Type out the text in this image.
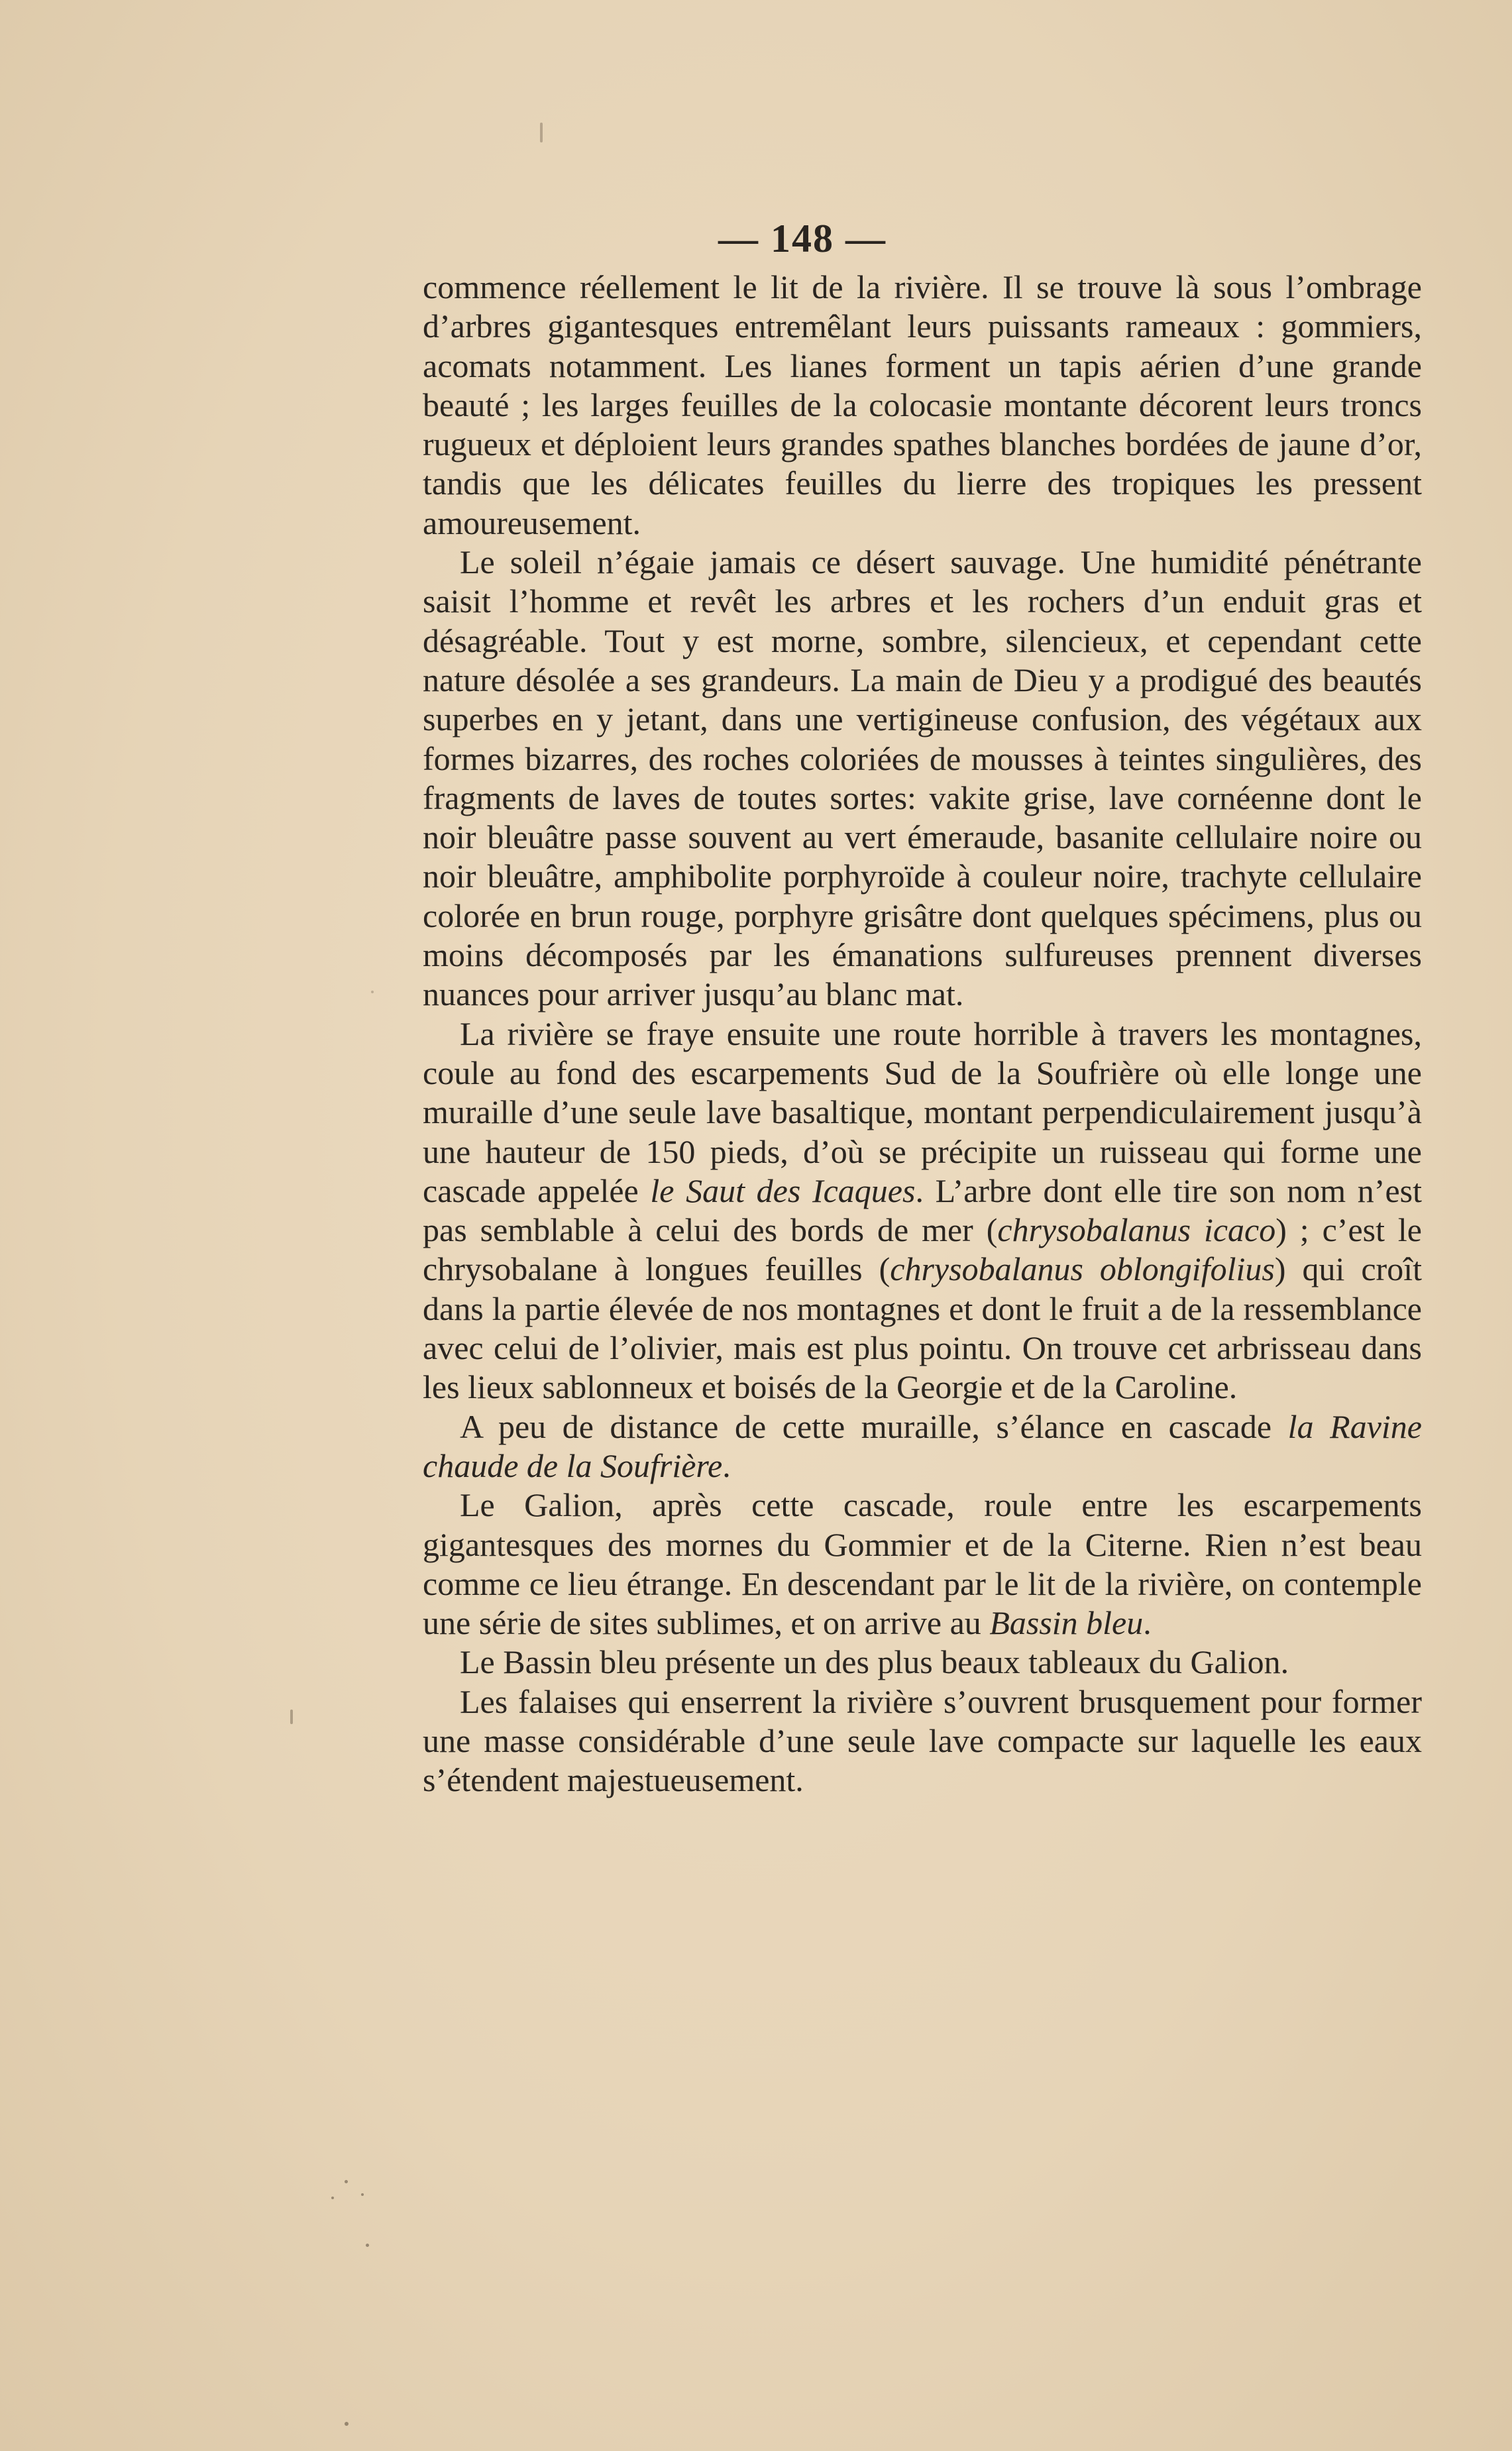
— 148 —

commence réellement le lit de la rivière. Il se trouve là sous l’ombrage d’arbres gigantesques entremêlant leurs puissants rameaux : gommiers, acomats notamment. Les lianes forment un tapis aérien d’une grande beauté ; les larges feuilles de la colocasie montante décorent leurs troncs rugueux et déploient leurs grandes spathes blanches bordées de jaune d’or, tandis que les délicates feuilles du lierre des tropiques les pressent amoureusement.

Le soleil n’égaie jamais ce désert sauvage. Une humidité pénétrante saisit l’homme et revêt les arbres et les rochers d’un enduit gras et désagréable. Tout y est morne, sombre, silencieux, et cependant cette nature désolée a ses grandeurs. La main de Dieu y a prodigué des beautés superbes en y jetant, dans une vertigineuse confusion, des végétaux aux formes bizarres, des roches coloriées de mousses à teintes singulières, des fragments de laves de toutes sortes: vakite grise, lave cornéenne dont le noir bleuâtre passe souvent au vert émeraude, basanite cellulaire noire ou noir bleuâtre, amphibolite porphyroïde à couleur noire, trachyte cellulaire colorée en brun rouge, porphyre grisâtre dont quelques spécimens, plus ou moins décomposés par les émanations sulfureuses prennent diverses nuances pour arriver jusqu’au blanc mat.

La rivière se fraye ensuite une route horrible à travers les montagnes, coule au fond des escarpements Sud de la Soufrière où elle longe une muraille d’une seule lave basaltique, montant perpendiculairement jusqu’à une hauteur de 150 pieds, d’où se précipite un ruisseau qui forme une cascade appelée le Saut des Icaques. L’arbre dont elle tire son nom n’est pas semblable à celui des bords de mer (chrysobalanus icaco) ; c’est le chrysobalane à longues feuilles (chrysobalanus oblongifolius) qui croît dans la partie élevée de nos montagnes et dont le fruit a de la ressemblance avec celui de l’olivier, mais est plus pointu. On trouve cet arbrisseau dans les lieux sablonneux et boisés de la Georgie et de la Caroline.

A peu de distance de cette muraille, s’élance en cascade la Ravine chaude de la Soufrière.

Le Galion, après cette cascade, roule entre les escarpements gigantesques des mornes du Gommier et de la Citerne. Rien n’est beau comme ce lieu étrange. En descendant par le lit de la rivière, on contemple une série de sites sublimes, et on arrive au Bassin bleu.

Le Bassin bleu présente un des plus beaux tableaux du Galion.

Les falaises qui enserrent la rivière s’ouvrent brusquement pour former une masse considérable d’une seule lave compacte sur laquelle les eaux s’étendent majestueusement.
